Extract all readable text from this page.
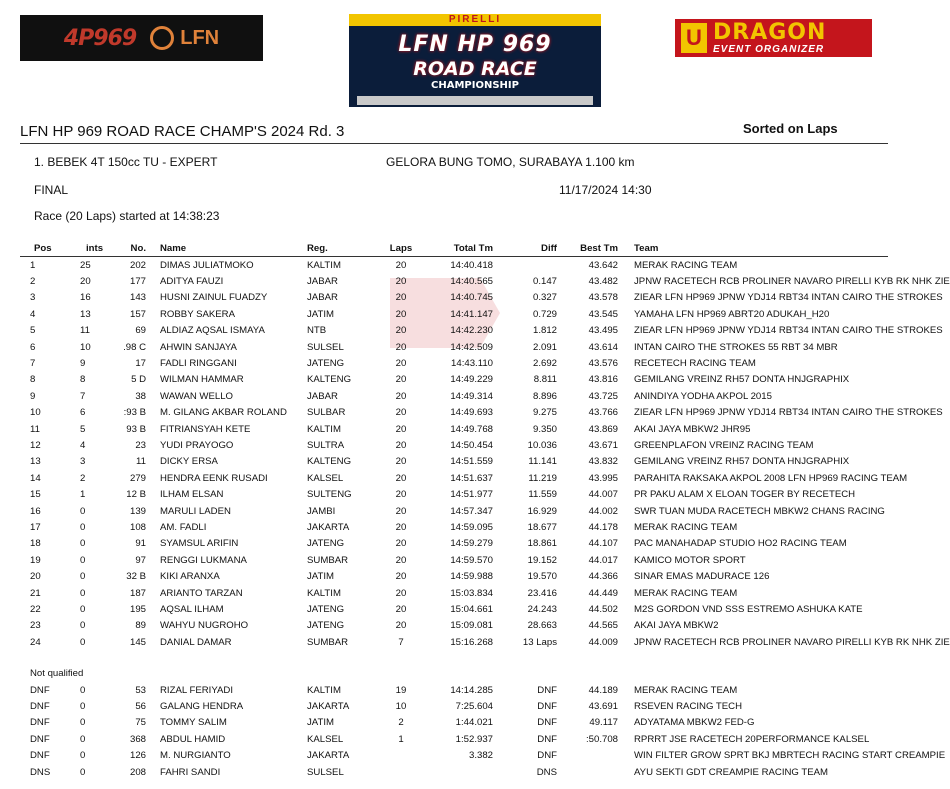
4P969 LFN
PIRELLI
LFN HP 969
ROAD RACE
CHAMPIONSHIP
U DRAGON
EVENT ORGANIZER
LFN HP 969 ROAD RACE CHAMP'S 2024 Rd. 3	Sorted on Laps
1. BEBEK 4T 150cc TU - EXPERT	GELORA BUNG TOMO, SURABAYA 1.100 km
FINAL	11/17/2024 14:30
Race (20 Laps) started at 14:38:23
Pos	ints	No.	Name	Reg.	Laps	Total Tm	Diff	Best Tm	Team
1	25	202	DIMAS JULIATMOKO	KALTIM	20	14:40.418		43.642	MERAK RACING TEAM
2	20	177	ADITYA FAUZI	JABAR	20	14:40.565	0.147	43.482	JPNW RACETECH RCB PROLINER NAVARO PIRELLI KYB RK NHK ZIE
3	16	143	HUSNI ZAINUL FUADZY	JABAR	20	14:40.745	0.327	43.578	ZIEAR LFN HP969 JPNW YDJ14 RBT34 INTAN CAIRO THE STROKES
4	13	157	ROBBY SAKERA	JATIM	20	14:41.147	0.729	43.545	YAMAHA LFN HP969 ABRT20 ADUKAH_H20
5	11	69	ALDIAZ AQSAL ISMAYA	NTB	20	14:42.230	1.812	43.495	ZIEAR LFN HP969 JPNW YDJ14 RBT34 INTAN CAIRO THE STROKES
6	10	.98 C	AHWIN SANJAYA	SULSEL	20	14:42.509	2.091	43.614	INTAN CAIRO THE STROKES 55 RBT 34 MBR
7	9	17	FADLI RINGGANI	JATENG	20	14:43.110	2.692	43.576	RECETECH RACING TEAM
8	8	5 D	WILMAN HAMMAR	KALTENG	20	14:49.229	8.811	43.816	GEMILANG VREINZ RH57 DONTA HNJGRAPHIX
9	7	38	WAWAN WELLO	JABAR	20	14:49.314	8.896	43.725	ANINDIYA YODHA AKPOL 2015
10	6	:93 B	M. GILANG AKBAR ROLAND	SULBAR	20	14:49.693	9.275	43.766	ZIEAR LFN HP969 JPNW YDJ14 RBT34 INTAN CAIRO THE STROKES
11	5	93 B	FITRIANSYAH KETE	KALTIM	20	14:49.768	9.350	43.869	AKAI JAYA MBKW2 JHR95
12	4	23	YUDI PRAYOGO	SULTRA	20	14:50.454	10.036	43.671	GREENPLAFON VREINZ RACING TEAM
13	3	11	DICKY ERSA	KALTENG	20	14:51.559	11.141	43.832	GEMILANG VREINZ RH57 DONTA HNJGRAPHIX
14	2	279	HENDRA EENK RUSADI	KALSEL	20	14:51.637	11.219	43.995	PARAHITA RAKSAKA AKPOL 2008 LFN HP969 RACING TEAM
15	1	12 B	ILHAM ELSAN	SULTENG	20	14:51.977	11.559	44.007	PR PAKU ALAM X ELOAN TOGER BY RECETECH
16	0	139	MARULI LADEN	JAMBI	20	14:57.347	16.929	44.002	SWR TUAN MUDA RACETECH MBKW2 CHANS RACING
17	0	108	AM. FADLI	JAKARTA	20	14:59.095	18.677	44.178	MERAK RACING TEAM
18	0	91	SYAMSUL ARIFIN	JATENG	20	14:59.279	18.861	44.107	PAC MANAHADAP STUDIO HO2 RACING TEAM
19	0	97	RENGGI LUKMANA	SUMBAR	20	14:59.570	19.152	44.017	KAMICO MOTOR SPORT
20	0	32 B	KIKI ARANXA	JATIM	20	14:59.988	19.570	44.366	SINAR EMAS MADURACE 126
21	0	187	ARIANTO TARZAN	KALTIM	20	15:03.834	23.416	44.449	MERAK RACING TEAM
22	0	195	AQSAL ILHAM	JATENG	20	15:04.661	24.243	44.502	M2S GORDON VND SSS ESTREMO ASHUKA KATE
23	0	89	WAHYU NUGROHO	JATENG	20	15:09.081	28.663	44.565	AKAI JAYA MBKW2
24	0	145	DANIAL DAMAR	SUMBAR	7	15:16.268	13 Laps	44.009	JPNW RACETECH RCB PROLINER NAVARO PIRELLI KYB RK NHK ZIE
Not qualified
DNF	0	53	RIZAL FERIYADI	KALTIM	19	14:14.285	DNF	44.189	MERAK RACING TEAM
DNF	0	56	GALANG HENDRA	JAKARTA	10	7:25.604	DNF	43.691	RSEVEN RACING TECH
DNF	0	75	TOMMY SALIM	JATIM	2	1:44.021	DNF	49.117	ADYATAMA MBKW2 FED-G
DNF	0	368	ABDUL HAMID	KALSEL	1	1:52.937	DNF	:50.708	RPRRT JSE RACETECH 20PERFORMANCE KALSEL
DNF	0	126	M. NURGIANTO	JAKARTA		3.382	DNF		WIN FILTER GROW SPRT BKJ MBRTECH RACING START CREAMPIE
DNS	0	208	FAHRI SANDI	SULSEL			DNS		AYU SEKTI GDT CREAMPIE RACING TEAM
